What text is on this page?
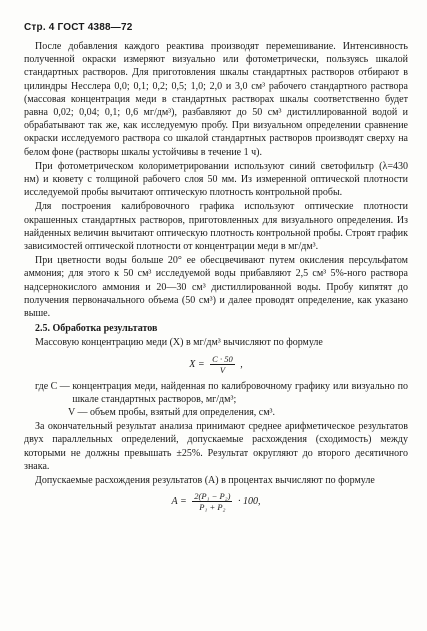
Стр. 4 ГОСТ 4388—72

После добавления каждого реактива производят перемешивание. Интенсивность полученной окраски измеряют визуально или фотометрически, пользуясь шкалой стандартных растворов. Для приготовления шкалы стандартных растворов отбирают в цилиндры Несслера 0,0; 0,1; 0,2; 0,5; 1,0; 2,0 и 3,0 см³ рабочего стандартного раствора (массовая концентрация меди в стандартных растворах шкалы соответственно будет равна 0,02; 0,04; 0,1; 0,6 мг/дм³), разбавляют до 50 см³ дистиллированной водой и обрабатывают так же, как исследуемую пробу. При визуальном определении сравнение окраски исследуемого раствора со шкалой стандартных растворов производят сверху на белом фоне (растворы шкалы устойчивы в течение 1 ч).

При фотометрическом колориметрировании используют синий светофильтр (λ=430 нм) и кювету с толщиной рабочего слоя 50 мм. Из измеренной оптической плотности исследуемой пробы вычитают оптическую плотность контрольной пробы.

Для построения калибровочного графика используют оптические плотности окрашенных стандартных растворов, приготовленных для визуального определения. Из найденных величин вычитают оптическую плотность контрольной пробы. Строят график зависимостей оптической плотности от концентрации меди в мг/дм³.

При цветности воды больше 20° ее обесцвечивают путем окисления персульфатом аммония; для этого к 50 см³ исследуемой воды прибавляют 2,5 см³ 5%-ного раствора надсернокислого аммония и 20—30 см³ дистиллированной воды. Пробу кипятят до получения первоначального объема (50 см³) и далее проводят определение, как указано выше.

2.5. Обработка результатов

Массовую концентрацию меди (X) в мг/дм³ вычисляют по формуле

$X = \frac{C \cdot 50}{V}$ ,
где C — концентрация меди, найденная по калибровочному графику или визуально по шкале стандартных растворов, мг/дм³;
V — объем пробы, взятый для определения, см³.

За окончательный результат анализа принимают среднее арифметическое результатов двух параллельных определений, допускаемые расхождения (сходимость) между которыми не должны превышать ±25%. Результат округляют до второго десятичного знака.

Допускаемые расхождения результатов (A) в процентах вычисляют по формуле

$A = \frac{\text{2(P₁ − P₂)}}{\text{P₁ + P₂}} \cdot 100$,
